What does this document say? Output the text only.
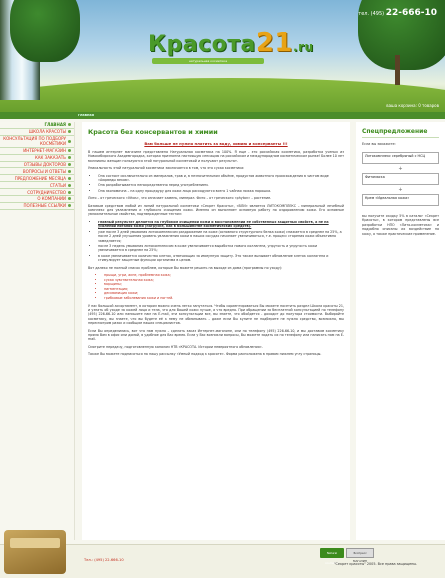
Красота21.ru
натуральная косметика
тел. (495) 22-666-10
ваша корзина: 0 товаров
главная
ГЛАВНАЯ
ШКОЛА КРАСОТЫ
КОНСУЛЬТАЦИЯ ПО ПОДБОРУ КОСМЕТИКИ
ИНТЕРНЕТ-МАГАЗИН
КАК ЗАКАЗАТЬ
ОТЗЫВЫ ДОКТОРОВ
ВОПРОСЫ И ОТВЕТЫ
ПРЕДЛОЖЕНИЕ МЕСЯЦА
СТАТЬИ
СОТРУДНИЧЕСТВО
О КОМПАНИИ
ПОЛЕЗНЫЕ ССЫЛКИ
Красота без консервантов и химии
Вам больше не нужно платить за воду, химию и консерванты !!!

В нашем интернет магазине представлена Натуральная косметика на 100%. Я еще - это российская косметика, разработка ученых из Новосибирского Академгородка, которая признанна настоящую сенсацию на российском и международном косметическом рынке! Более 10 лет миллионы женщин пользуются этой натуральной косметикой и получают результат.

Уникальность этой натуральной косметики заключается в том, что это сухая косметика:

• Она состоит исключительно из минералов, трав и, в незначительном объёме, продуктов животного происхождения в чистом виде «Аюрведы веков».
• Она разрабатывается непосредственно перед употреблением.
• Она экономична – на одну процедуру для кожи лица расходуются всего 1 чайная ложка порошка.

Лито – от греческого «lithos», что означает камень, минерал. Фито – от греческого «phyton» – растение.

Базовым средством любой из линий натуральной косметики «Секрет Красоты», «ВЛИ» является ЛИТОКОМПЛЕКС – минеральный лечебный комплекс для увлажнения и глубокого очищения кожи. Именно он выполняет основную работу по оздоровлению кожи. Его основные увлажнительные свойства, подтвержденные тестом:

• главный результат делается на глубоком очищении кожи и восстановлении ее собственных защитных свойств, а не на усилении питания кожи (нагрузке, как в большинстве косметических средств).
• уже после 3 дней умывания литокомплексом раздражение на коже (основного структурного белка кожи) снижается в среднем на 25%, а после 2 дней улучшения уровень увлажнения кожи в наших сосудах начинает увеличиваться, т.е. процесс старения кожи объективно замедляется;
• после 3 недель умывания литокомплексом в коже увеличивается выработка нового коллагена, упругость и упругость кожи увеличивается в среднем на 25%;
• в коже увеличивается количество клеток, отвечающих за иммунную защиту. Это также вызывает обновление клеток коллагена и стимулирует защитные функции организма в целом.

Вот далеко не полный список проблем, которые Вы можете решить на выходе из дома (программы по уходу):

• прыщи, угри, акне, проблемная кожа;
• сухая чувствительная кожа;
• морщины;
• пигментация;
• десквамация кожи;
• грибковые заболевания кожи и ногтей.

У нас большой ассортимент, в котором можно очень легко запутаться. Чтобы сориентироваться Вы можете посетить раздел Школа красоты 21, и узнать об уходе за кожей лица и тела, что для Вашей кожи лучше, а что вредно. При обращении за бесплатной консультацией по телефону (495) 226-66-10 или напишите нам на E-mail, эти консультации все, вы знаете, что обойдется - доходит до полутора стоимости. Выбирайте косметику, вы знаете, что вы будете её к нему не обманывать – даже если Вы купите не подберите не нужно средство, возможно, мы пересмотрим разок и сообщим наших специалистов.

Если Вы определились, вот что нам нужно – сделать заказ Интернет-магазине, или по телефону (495) 226-66-10, и мы доставим косметику прямо Вам в офис или домой, в удобное для Вас время. Если у Вас возникли вопросы, Вы можете задать их по телефону или написать нам на E-mail.

Смотрите передачу, подготовленную каналом НТВ «КРАСОТА. Истории невероятного обновления».

Также Вы можете подписаться на нашу рассылку «Умный подход к красоте». Форма расположена в правом нижнем углу страницы.

Спецпредложение
Если вы закажите:
Литокомплекс серебряный с НСЦ
+
Фитомаска
+
Крем «Идеальная кожа»
вы получите скидку 5% в каталог «Секрет Красоты», в котором представлены все разработки НПО «Лито-косметика» и подробно описаны их воздействие на кожу, а также практические применение.
Тел.: (495) 22-666-10
Natural cosmetics
Экспресс МАГАЗИН
"Секрет красоты" 2005. Все права защищены.
